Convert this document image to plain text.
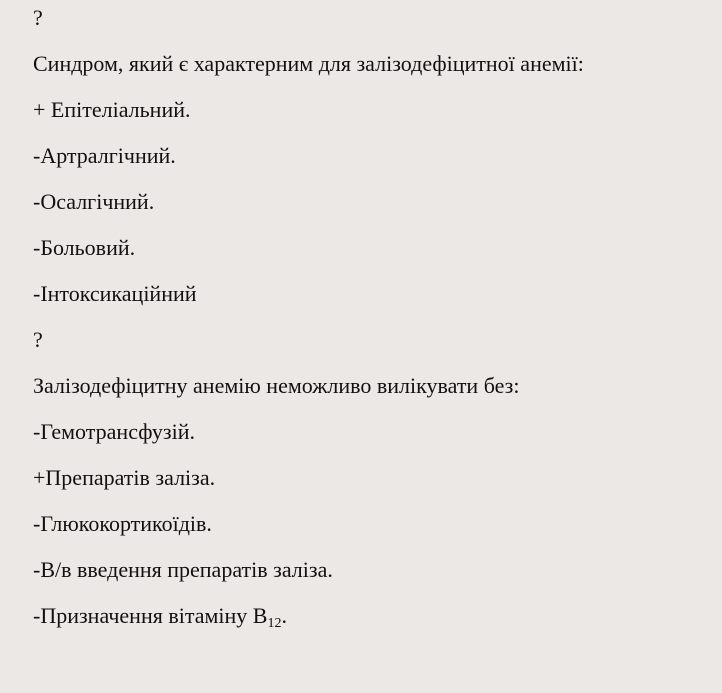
?
Синдром, який є характерним для залізодефіцитної анемії:
+ Епітеліальний.
-Артралгічний.
-Осалгічний.
-Больовий.
-Інтоксикаційний
?
Залізодефіцитну анемію неможливо вилікувати без:
-Гемотрансфузій.
+Препаратів заліза.
-Глюкокортикоїдів.
-В/в введення препаратів заліза.
-Призначення вітаміну $B_{12}$.
